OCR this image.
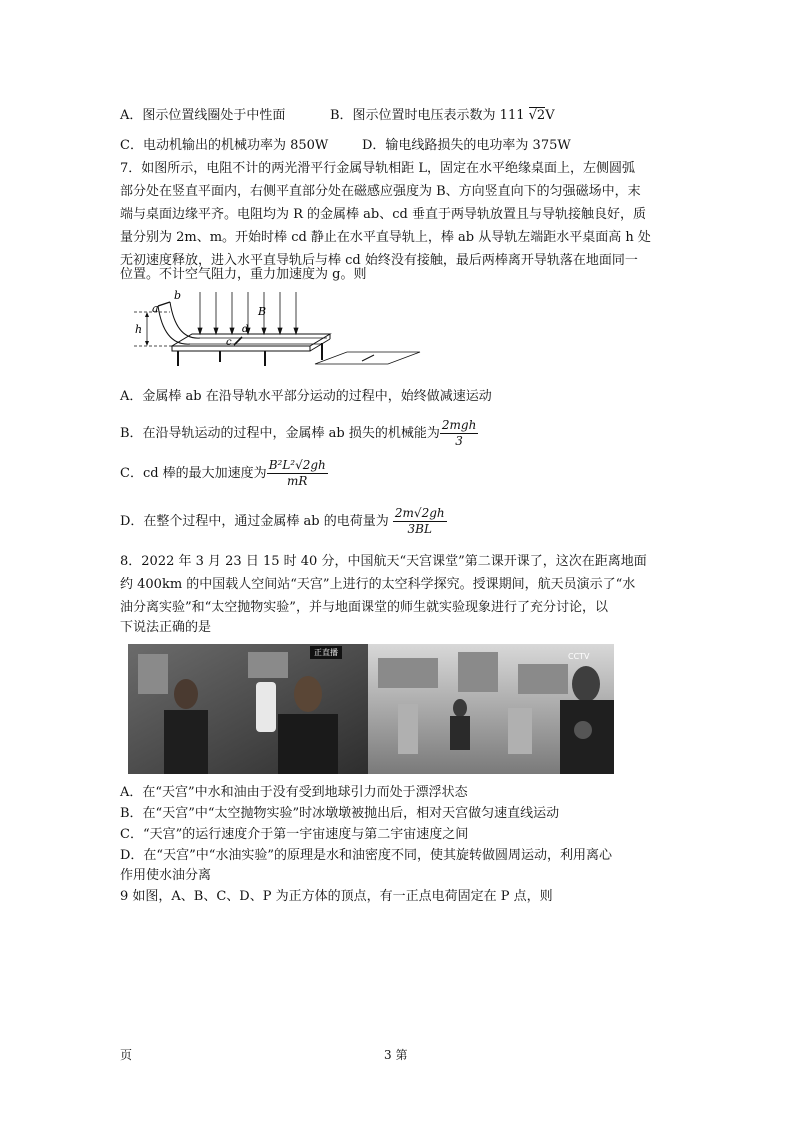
A．图示位置线圈处于中性面	B．图示位置时电压表示数为 111 √2V
C．电动机输出的机械功率为 850W	D．输电线路损失的电功率为 375W
7．如图所示，电阻不计的两光滑平行金属导轨相距 L，固定在水平绝缘桌面上，左侧圆弧
部分处在竖直平面内，右侧平直部分处在磁感应强度为 B、方向竖直向下的匀强磁场中，末
端与桌面边缘平齐。电阻均为 R 的金属棒 ab、cd 垂直于两导轨放置且与导轨接触良好，质
量分别为 2m、m。开始时棒 cd 静止在水平直导轨上，棒 ab 从导轨左端距水平桌面高 h 处
无初速度释放，进入水平直导轨后与棒 cd 始终没有接触，最后两棒离开导轨落在地面同一
位置。不计空气阻力，重力加速度为 g。则
a
b
h
B
c
d
A．金属棒 ab 在沿导轨水平部分运动的过程中，始终做减速运动
B．在沿导轨运动的过程中，金属棒 ab 损失的机械能为 $\frac{\text{2mgh}}{3}$
C．cd 棒的最大加速度为 $\frac{\text{B²L²√2gh}}{mR}$
D．在整个过程中，通过金属棒 ab 的电荷量为 $\frac{2m√2gh}{3BL}$
8．2022 年 3 月 23 日 15 时 40 分，中国航天“天宫课堂”第二课开课了，这次在距离地面
约 400km 的中国载人空间站“天宫”上进行的太空科学探究。授课期间，航天员演示了“水
油分离实验”和“太空抛物实验”，并与地面课堂的师生就实验现象进行了充分讨论，以
下说法正确的是
正直播	CCTV
A．在“天宫”中水和油由于没有受到地球引力而处于漂浮状态
B．在“天宫”中“太空抛物实验”时冰墩墩被抛出后，相对天宫做匀速直线运动
C．“天宫”的运行速度介于第一宇宙速度与第二宇宙速度之间
D．在“天宫”中“水油实验”的原理是水和油密度不同，使其旋转做圆周运动，利用离心
作用使水油分离
9 如图，A、B、C、D、P 为正方体的顶点，有一正点电荷固定在 P 点，则
页	3 第
